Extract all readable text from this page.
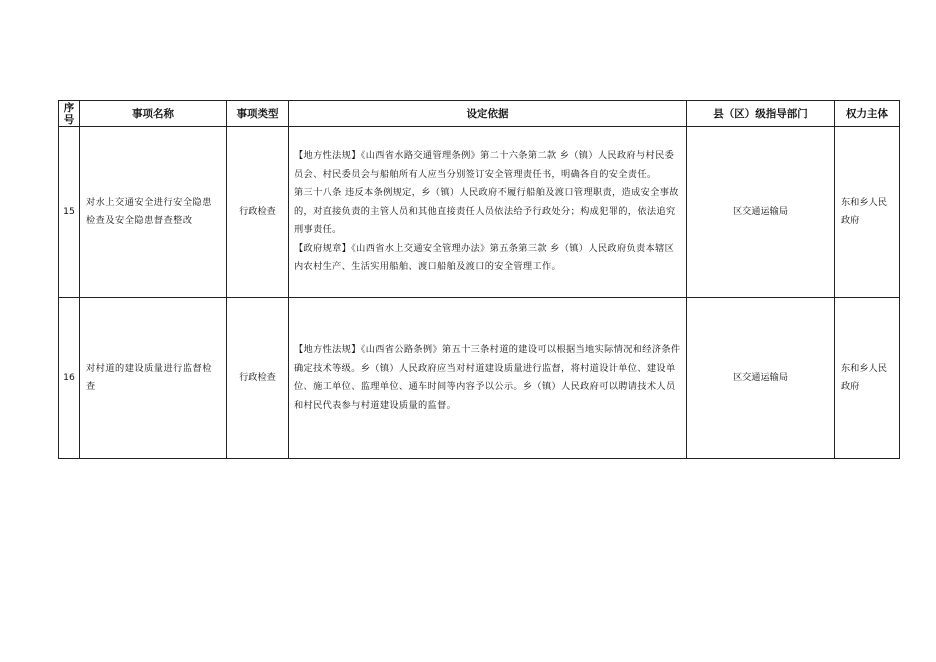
序号	事项名称	事项类型	设定依据	县（区）级指导部门	权力主体
15	对水上交通安全进行安全隐患检查及安全隐患督查整改	行政检查	【地方性法规】《山西省水路交通管理条例》第二十六条第二款 乡（镇）人民政府与村民委员会、村民委员会与船舶所有人应当分别签订安全管理责任书，明确各自的安全责任。
第三十八条 违反本条例规定，乡（镇）人民政府不履行船舶及渡口管理职责，造成安全事故的，对直接负责的主管人员和其他直接责任人员依法给予行政处分；构成犯罪的，依法追究刑事责任。
【政府规章】《山西省水上交通安全管理办法》第五条第三款 乡（镇）人民政府负责本辖区内农村生产、生活实用船舶、渡口船舶及渡口的安全管理工作。	区交通运输局	东和乡人民政府

16	对村道的建设质量进行监督检查	行政检查	【地方性法规】《山西省公路条例》第五十三条村道的建设可以根据当地实际情况和经济条件确定技术等级。乡（镇）人民政府应当对村道建设质量进行监督，将村道设计单位、建设单位、施工单位、监理单位、通车时间等内容予以公示。乡（镇）人民政府可以聘请技术人员和村民代表参与村道建设质量的监督。	区交通运输局	东和乡人民政府
